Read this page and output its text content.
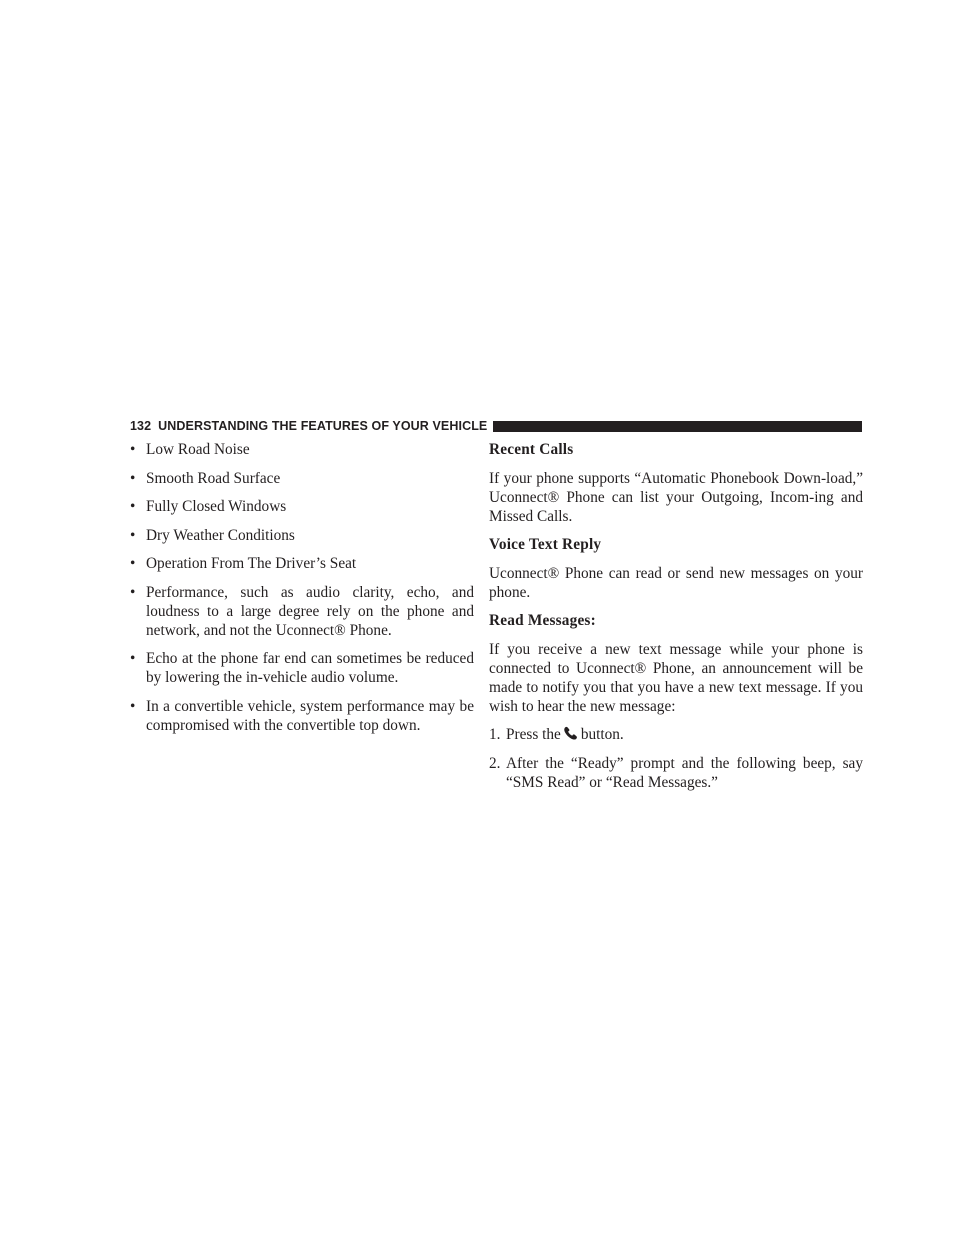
132 UNDERSTANDING THE FEATURES OF YOUR VEHICLE
• Low Road Noise
• Smooth Road Surface
• Fully Closed Windows
• Dry Weather Conditions
• Operation From The Driver’s Seat
• Performance, such as audio clarity, echo, and loudness to a large degree rely on the phone and network, and not the Uconnect® Phone.
• Echo at the phone far end can sometimes be reduced by lowering the in-vehicle audio volume.
• In a convertible vehicle, system performance may be compromised with the convertible top down.
Recent Calls

If your phone supports “Automatic Phonebook Down-load,” Uconnect® Phone can list your Outgoing, Incom-ing and Missed Calls.

Voice Text Reply

Uconnect® Phone can read or send new messages on your phone.

Read Messages:

If you receive a new text message while your phone is connected to Uconnect® Phone, an announcement will be made to notify you that you have a new text message. If you wish to hear the new message:

1. Press the button.
2. After the “Ready” prompt and the following beep, say “SMS Read” or “Read Messages.”
